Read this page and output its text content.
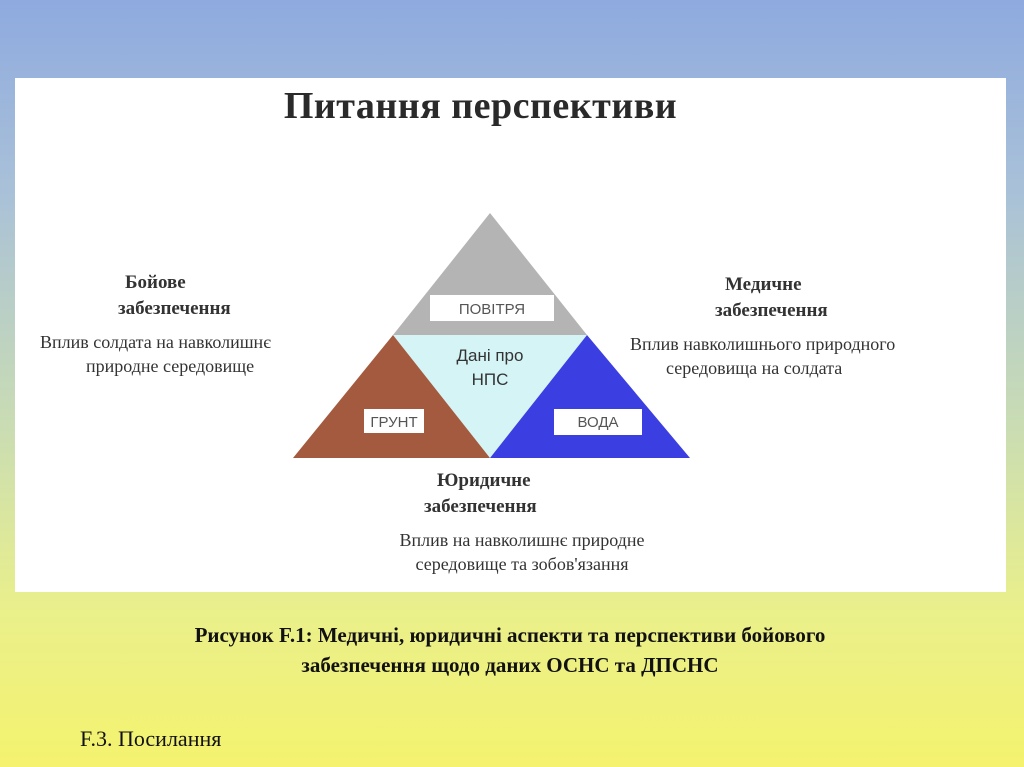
Питання перспективи
Бойове
забезпечення
Вплив солдата на навколишнє
природне середовище
Медичне
забезпечення
Вплив навколишнього природного
середовища на солдата
ПОВІТРЯ
Дані про
НПС
ГРУНТ	ВОДА
Юридичне
забезпечення
Вплив на навколишнє природне
середовище та зобов'язання
Рисунок F.1: Медичні, юридичні аспекти та перспективи бойового
забезпечення щодо даних ОСНС та ДПСНС
F.3. Посилання
